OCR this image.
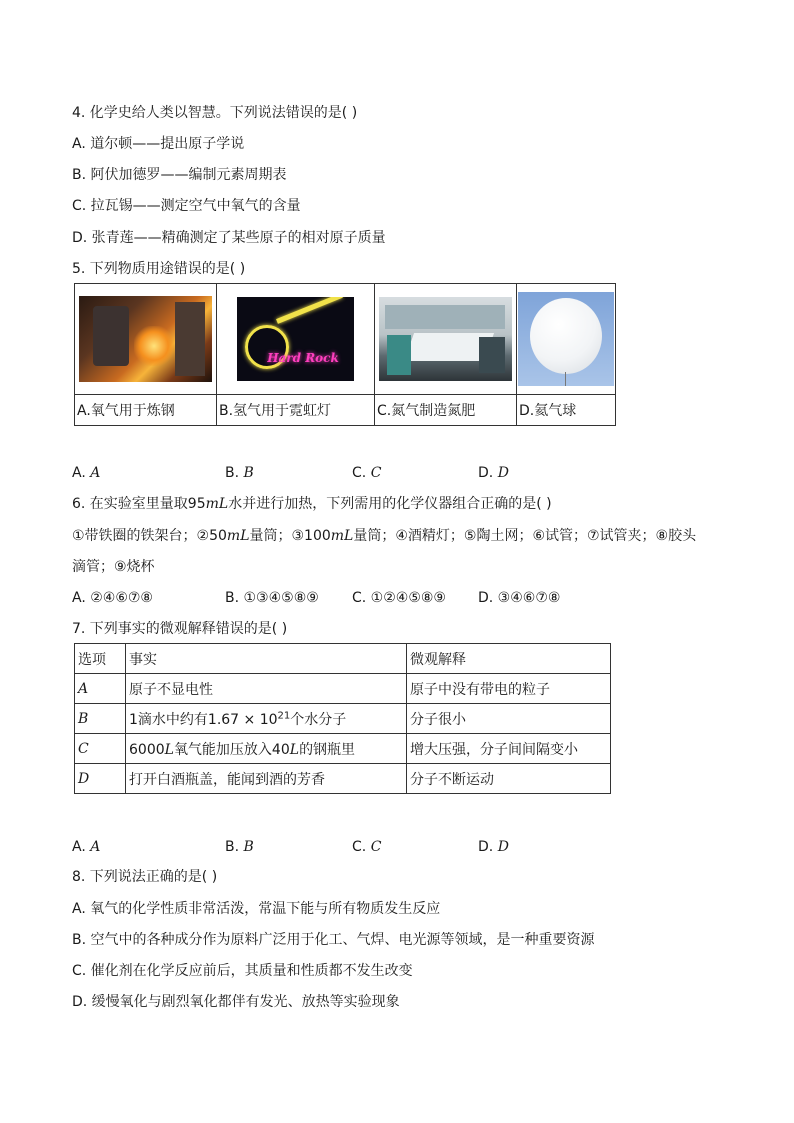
4. 化学史给人类以智慧。下列说法错误的是( )
A. 道尔顿——提出原子学说
B. 阿伏加德罗——编制元素周期表
C. 拉瓦锡——测定空气中氧气的含量
D. 张青莲——精确测定了某些原子的相对原子质量
5. 下列物质用途错误的是( )

	Hard Rock		

A.氧气用于炼钢	B.氢气用于霓虹灯	C.氮气制造氮肥	D.氦气球
A. A	B. B	C. C	D. D
6. 在实验室里量取95mL水并进行加热，下列需用的化学仪器组合正确的是( )
①带铁圈的铁架台；②50mL量筒；③100mL量筒；④酒精灯；⑤陶土网；⑥试管；⑦试管夹；⑧胶头
滴管；⑨烧杯
A. ②④⑥⑦⑧	B. ①③④⑤⑧⑨ C. ①②④⑤⑧⑨ D. ③④⑥⑦⑧
7. 下列事实的微观解释错误的是( )
选项	事实	微观解释
A	原子不显电性	原子中没有带电的粒子
B	1滴水中约有$1.67 \times 10^{21}$个水分子	分子很小
C	6000L氧气能加压放入40L的钢瓶里	增大压强，分子间间隔变小
D	打开白酒瓶盖，能闻到酒的芳香	分子不断运动
A. A	B. B	C. C	D. D
8. 下列说法正确的是( )
A. 氧气的化学性质非常活泼，常温下能与所有物质发生反应
B. 空气中的各种成分作为原料广泛用于化工、气焊、电光源等领域，是一种重要资源
C. 催化剂在化学反应前后，其质量和性质都不发生改变
D. 缓慢氧化与剧烈氧化都伴有发光、放热等实验现象
